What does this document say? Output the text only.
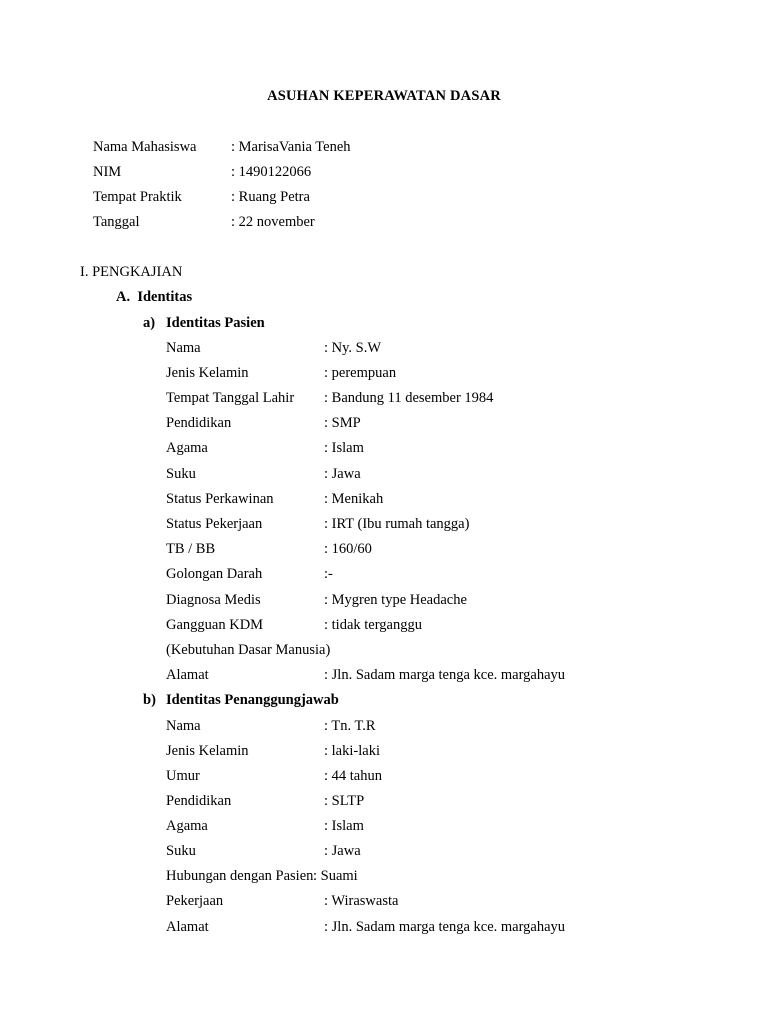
ASUHAN KEPERAWATAN DASAR
Nama Mahasiswa : MarisaVania Teneh
NIM	: 1490122066
Tempat Praktik	: Ruang Petra
Tanggal	: 22 november
I. PENGKAJIAN
A.  Identitas
a) Identitas Pasien
Nama	: Ny. S.W
Jenis Kelamin	: perempuan
Tempat Tanggal Lahir : Bandung 11 desember 1984
Pendidikan	: SMP
Agama	: Islam
Suku	: Jawa
Status Perkawinan	: Menikah
Status Pekerjaan	: IRT (Ibu rumah tangga)
TB / BB	: 160/60
Golongan Darah	:-
Diagnosa Medis	: Mygren type Headache
Gangguan KDM	: tidak terganggu
(Kebutuhan Dasar Manusia)
Alamat	: Jln. Sadam marga tenga kce. margahayu
b) Identitas Penanggungjawab
Nama	: Tn. T.R
Jenis Kelamin	: laki-laki
Umur	: 44 tahun
Pendidikan	: SLTP
Agama	: Islam
Suku	: Jawa
Hubungan dengan Pasien : Suami
Pekerjaan	: Wiraswasta
Alamat	: Jln. Sadam marga tenga kce. margahayu
